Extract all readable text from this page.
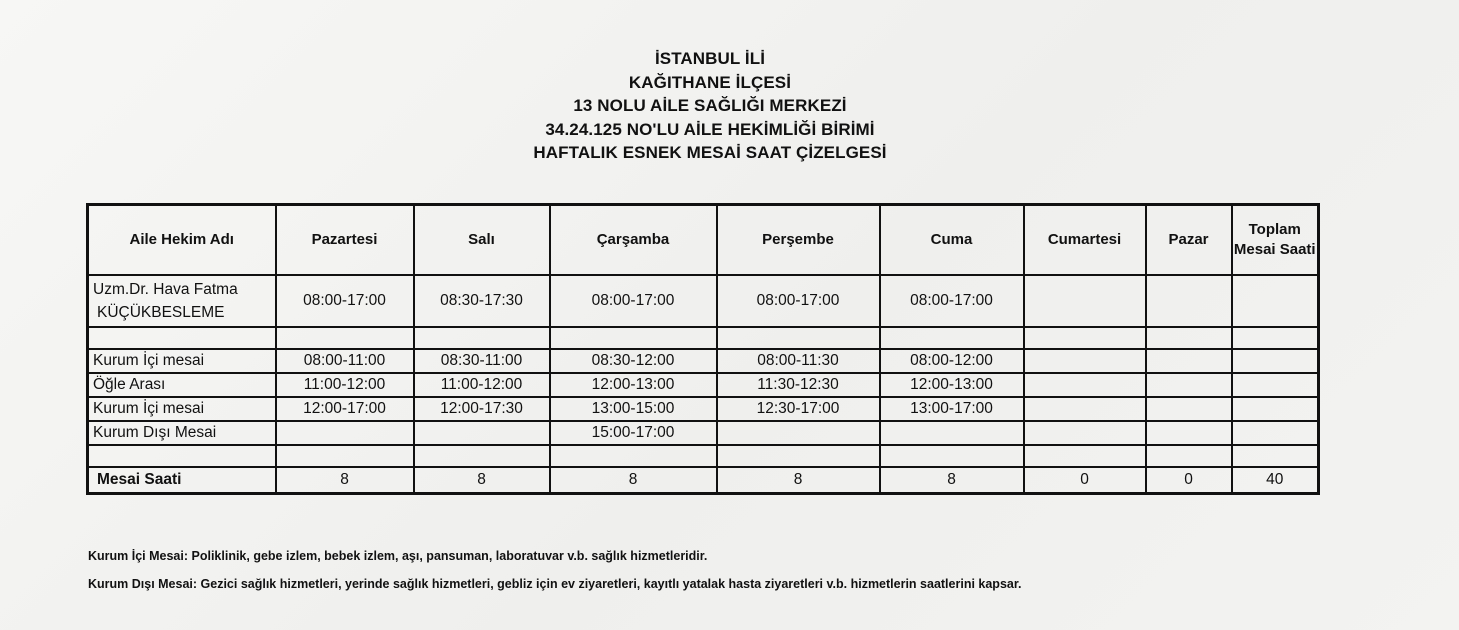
İSTANBUL İLİ
KAĞITHANE İLÇESİ
13 NOLU AİLE SAĞLIĞI MERKEZİ
34.24.125 NO'LU AİLE HEKİMLİĞİ BİRİMİ
HAFTALIK ESNEK MESAİ SAAT ÇİZELGESİ
Aile Hekim Adı	Pazartesi	Salı	Çarşamba	Perşembe	Cuma	Cumartesi	Pazar	Toplam Mesai Saati

Uzm.Dr. Hava Fatma
KÜÇÜKBESLEME	08:00-17:00	08:30-17:30	08:00-17:00	08:00-17:00	08:00-17:00			

Kurum İçi mesai	08:00-11:00	08:30-11:00	08:30-12:00	08:00-11:30	08:00-12:00			
Öğle Arası	11:00-12:00	11:00-12:00	12:00-13:00	11:30-12:30	12:00-13:00			
Kurum İçi mesai	12:00-17:00	12:00-17:30	13:00-15:00	12:30-17:00	13:00-17:00			
Kurum Dışı Mesai			15:00-17:00					

Mesai Saati	8	8	8	8	8	0	0	40
Kurum İçi Mesai: Poliklinik, gebe izlem, bebek izlem, aşı, pansuman, laboratuvar v.b. sağlık hizmetleridir.
Kurum Dışı Mesai: Gezici sağlık hizmetleri, yerinde sağlık hizmetleri, gebliz için ev ziyaretleri, kayıtlı yatalak hasta ziyaretleri v.b. hizmetlerin saatlerini kapsar.
